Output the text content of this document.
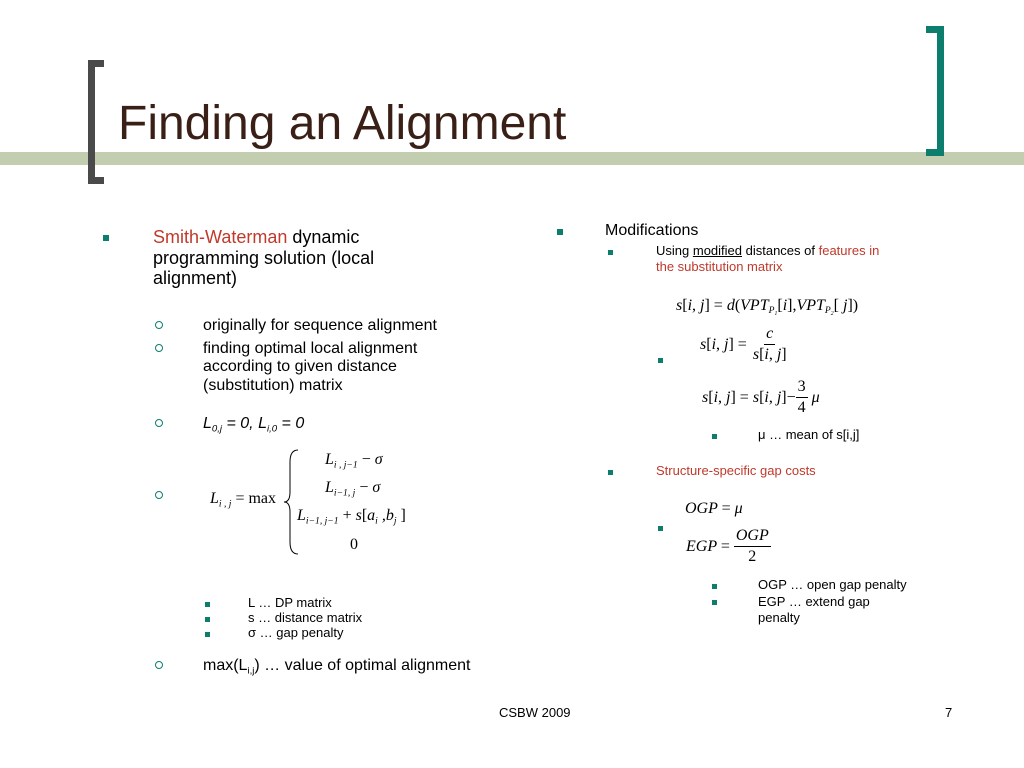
Finding an Alignment
Smith-Waterman dynamic
programming solution (local
alignment)
originally for sequence alignment
finding optimal local alignment
according to given distance
(substitution) matrix
$L_{0,j} = 0$, $L_{i,0} = 0$
$L_{i , j} = \max$
$L_{i , j-1} - \sigma$
$L_{i-1, j} - \sigma$
$L_{i-1, j-1} + s[a_i$ $,b_j$ ]
0
L … DP matrix
s … distance matrix
σ … gap penalty
$\max(L_{i,j})$ … value of optimal alignment
Modifications
Using modified distances of features in
the substitution matrix
s[i, $j] = d(VPT_{P_1}[i],VPT_{P_2}$[ j])
s[i, $j] = \frac{c}{s[i, j]}$
s[i, j] = s[i, $j]- \frac{3}{4}$ μ
μ … mean of s[i,j]
Structure-specific gap costs
OGP = μ
EGP = $\frac{\text{OGP}}{2}$
OGP … open gap penalty
EGP … extend gap
penalty
CSBW 2009	7
